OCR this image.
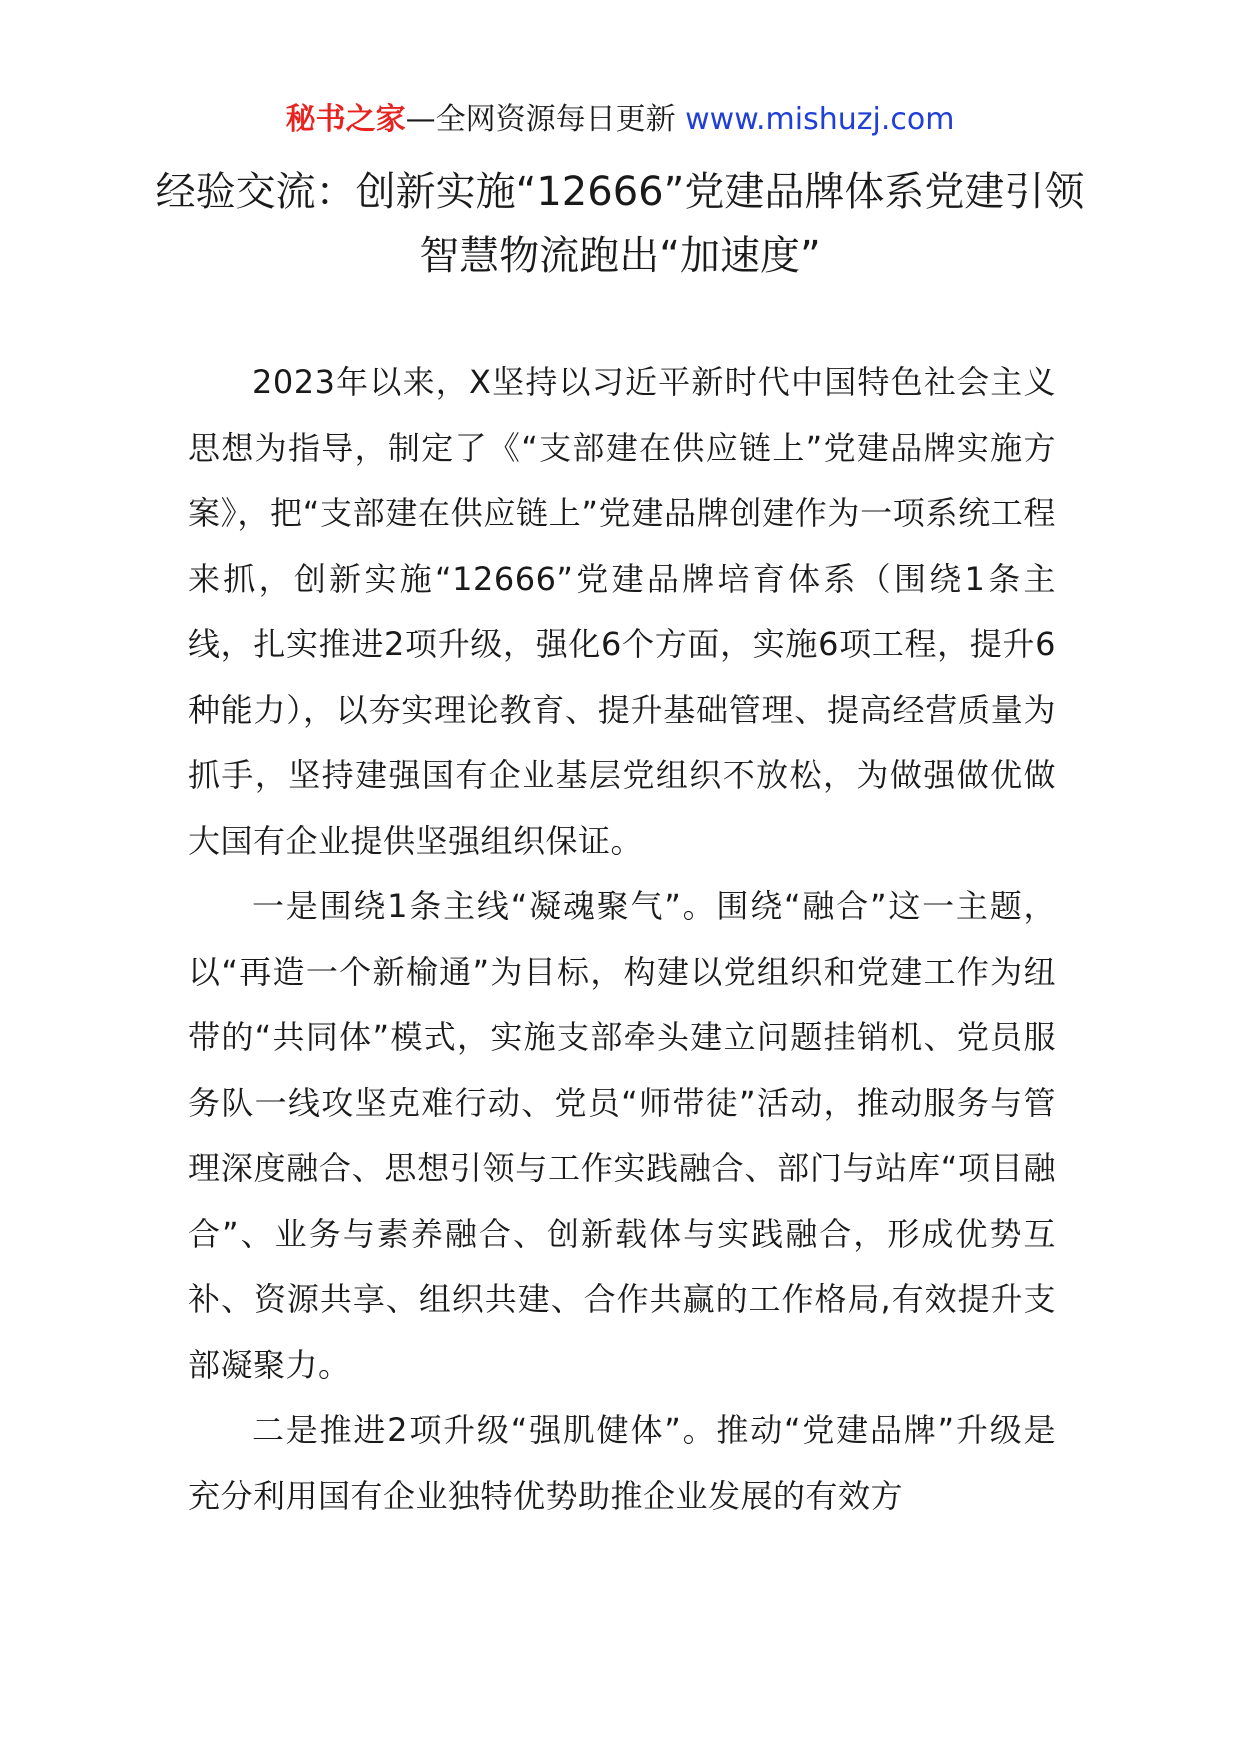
秘书之家—全网资源每日更新 www.mishuzj.com
经验交流：创新实施“12666”党建品牌体系党建引领智慧物流跑出“加速度”

2023年以来，X坚持以习近平新时代中国特色社会主义思想为指导，制定了《“支部建在供应链上”党建品牌实施方案》，把“支部建在供应链上”党建品牌创建作为一项系统工程来抓，创新实施“12666”党建品牌培育体系（围绕1条主线，扎实推进2项升级，强化6个方面，实施6项工程，提升6种能力），以夯实理论教育、提升基础管理、提高经营质量为抓手，坚持建强国有企业基层党组织不放松，为做强做优做大国有企业提供坚强组织保证。

一是围绕1条主线“凝魂聚气”。围绕“融合”这一主题，以“再造一个新榆通”为目标，构建以党组织和党建工作为纽带的“共同体”模式，实施支部牵头建立问题挂销机、党员服务队一线攻坚克难行动、党员“师带徒”活动，推动服务与管理深度融合、思想引领与工作实践融合、部门与站库“项目融合”、业务与素养融合、创新载体与实践融合，形成优势互补、资源共享、组织共建、合作共赢的工作格局,有效提升支部凝聚力。

二是推进2项升级“强肌健体”。推动“党建品牌”升级是充分利用国有企业独特优势助推企业发展的有效方
